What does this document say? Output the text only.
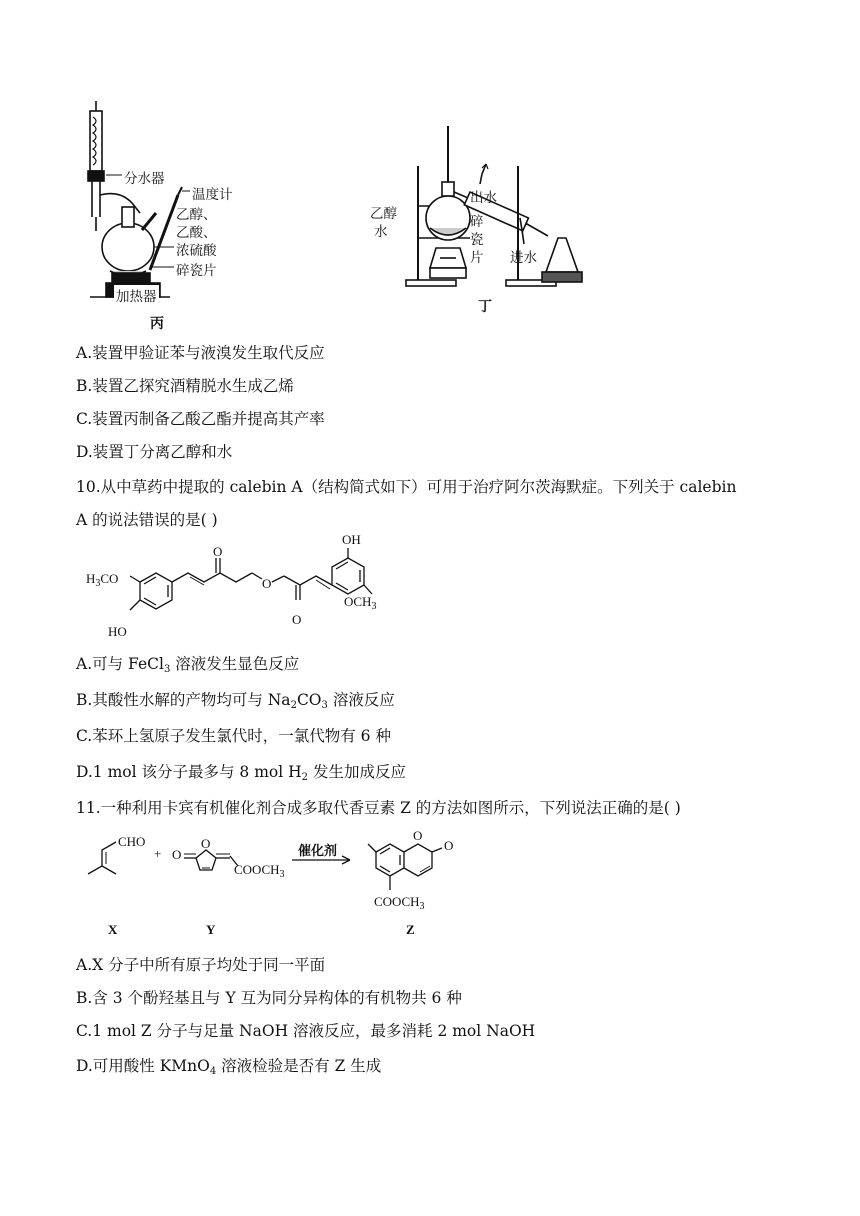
分水器
温度计
乙醇、
乙酸、
浓硫酸
碎瓷片
加热器
丙
乙醇
水
出水
碎
瓷
片 进水
丁
A.装置甲验证苯与液溴发生取代反应
B.装置乙探究酒精脱水生成乙烯
C.装置丙制备乙酸乙酯并提高其产率
D.装置丁分离乙醇和水
10.从中草药中提取的 calebin A（结构简式如下）可用于治疗阿尔茨海默症。下列关于 calebin
A 的说法错误的是( )
$H_3CO$
HO
O
O
O
OH
$OCH_3$
A.可与 FeCl$_3$ 溶液发生显色反应
B.其酸性水解的产物均可与 $Na_2CO_3$ 溶液反应
C.苯环上氢原子发生氯代时，一氯代物有 6 种
D.1 mol 该分子最多与 8 mol $H_2$ 发生加成反应
11.一种利用卡宾有机催化剂合成多取代香豆素 Z 的方法如图所示，下列说法正确的是( )
CHO
+ O
O
$COOCH_3$
催化剂
O
O
$COOCH_3$
X	Y	Z
A.X 分子中所有原子均处于同一平面
B.含 3 个酚羟基且与 Y 互为同分异构体的有机物共 6 种
C.1 mol Z 分子与足量 NaOH 溶液反应，最多消耗 2 mol NaOH
D.可用酸性 KMnO$_4$ 溶液检验是否有 Z 生成
